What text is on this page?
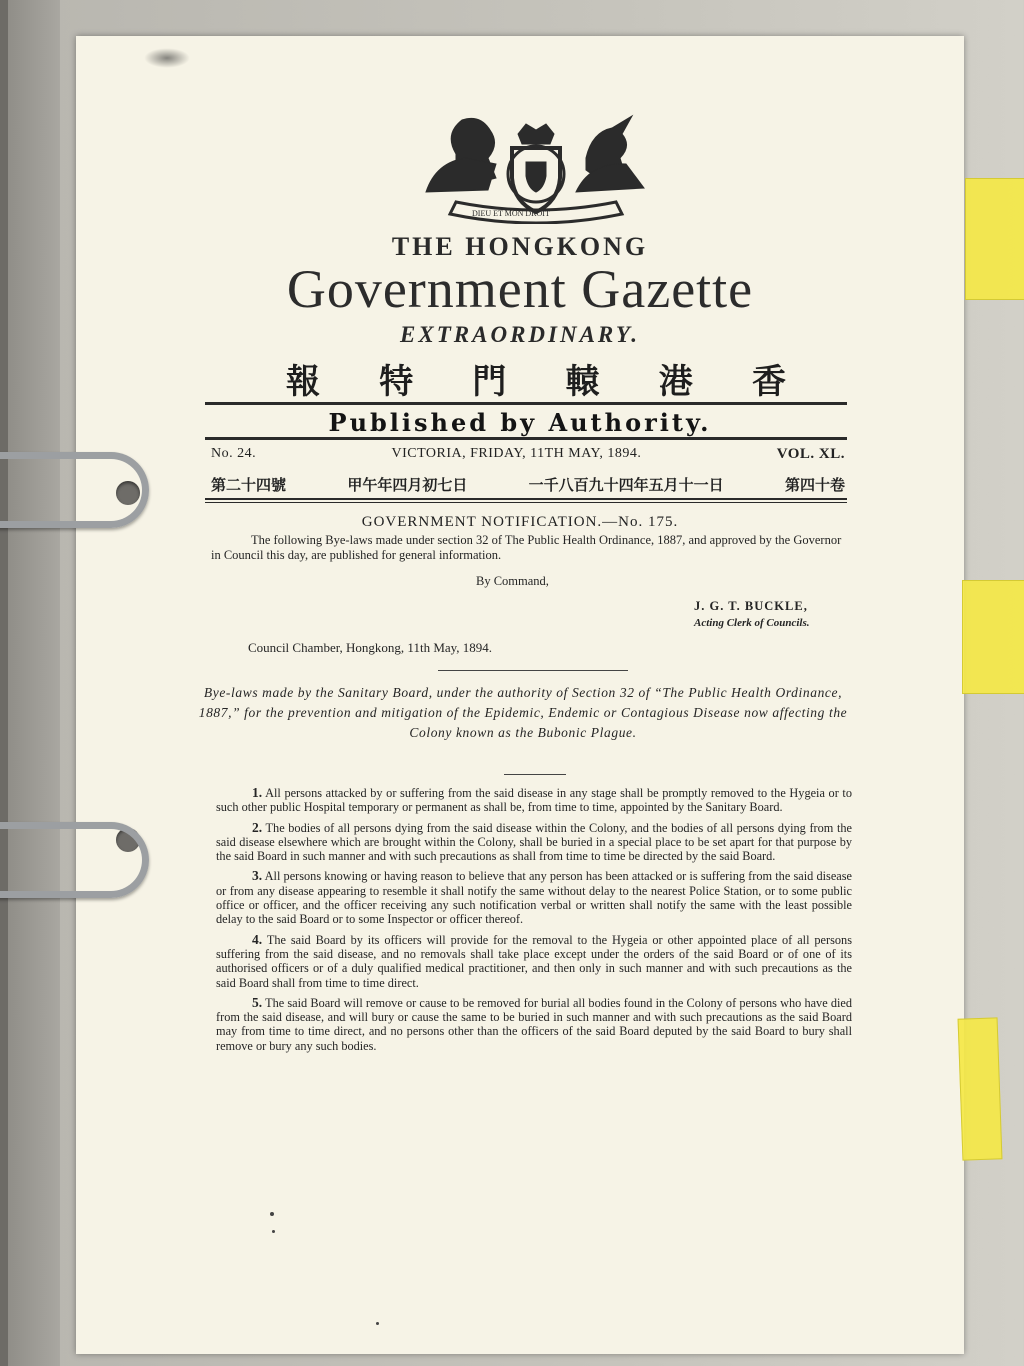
DIEU ET MON DROIT
THE HONGKONG
Government Gazette
EXTRAORDINARY.
報 特 門 轅 港 香
Published by Authority.
No. 24.	VICTORIA, FRIDAY, 11TH MAY, 1894.	VOL. XL.
第二十四號	甲午年四月初七日	一千八百九十四年五月十一日	第四十卷
GOVERNMENT NOTIFICATION.—No. 175.
The following Bye-laws made under section 32 of The Public Health Ordinance, 1887, and approved by the Governor in Council this day, are published for general information.
By Command,
J. G. T. BUCKLE,
Acting Clerk of Councils.
Council Chamber, Hongkong, 11th May, 1894.
Bye-laws made by the Sanitary Board, under the authority of Section 32 of “The Public Health Ordinance, 1887,” for the prevention and mitigation of the Epidemic, Endemic or Contagious Disease now affecting the Colony known as the Bubonic Plague.

1. All persons attacked by or suffering from the said disease in any stage shall be promptly removed to the Hygeia or to such other public Hospital temporary or permanent as shall be, from time to time, appointed by the Sanitary Board.

2. The bodies of all persons dying from the said disease within the Colony, and the bodies of all persons dying from the said disease elsewhere which are brought within the Colony, shall be buried in a special place to be set apart for that purpose by the said Board in such manner and with such precautions as shall from time to time be directed by the said Board.

3. All persons knowing or having reason to believe that any person has been attacked or is suffering from the said disease or from any disease appearing to resemble it shall notify the same without delay to the nearest Police Station, or to some public office or officer, and the officer receiving any such notification verbal or written shall notify the same with the least possible delay to the said Board or to some Inspector or officer thereof.

4. The said Board by its officers will provide for the removal to the Hygeia or other appointed place of all persons suffering from the said disease, and no removals shall take place except under the orders of the said Board or of one of its authorised officers or of a duly qualified medical practitioner, and then only in such manner and with such precautions as the said Board shall from time to time direct.

5. The said Board will remove or cause to be removed for burial all bodies found in the Colony of persons who have died from the said disease, and will bury or cause the same to be buried in such manner and with such precautions as the said Board may from time to time direct, and no persons other than the officers of the said Board deputed by the said Board to bury shall remove or bury any such bodies.
